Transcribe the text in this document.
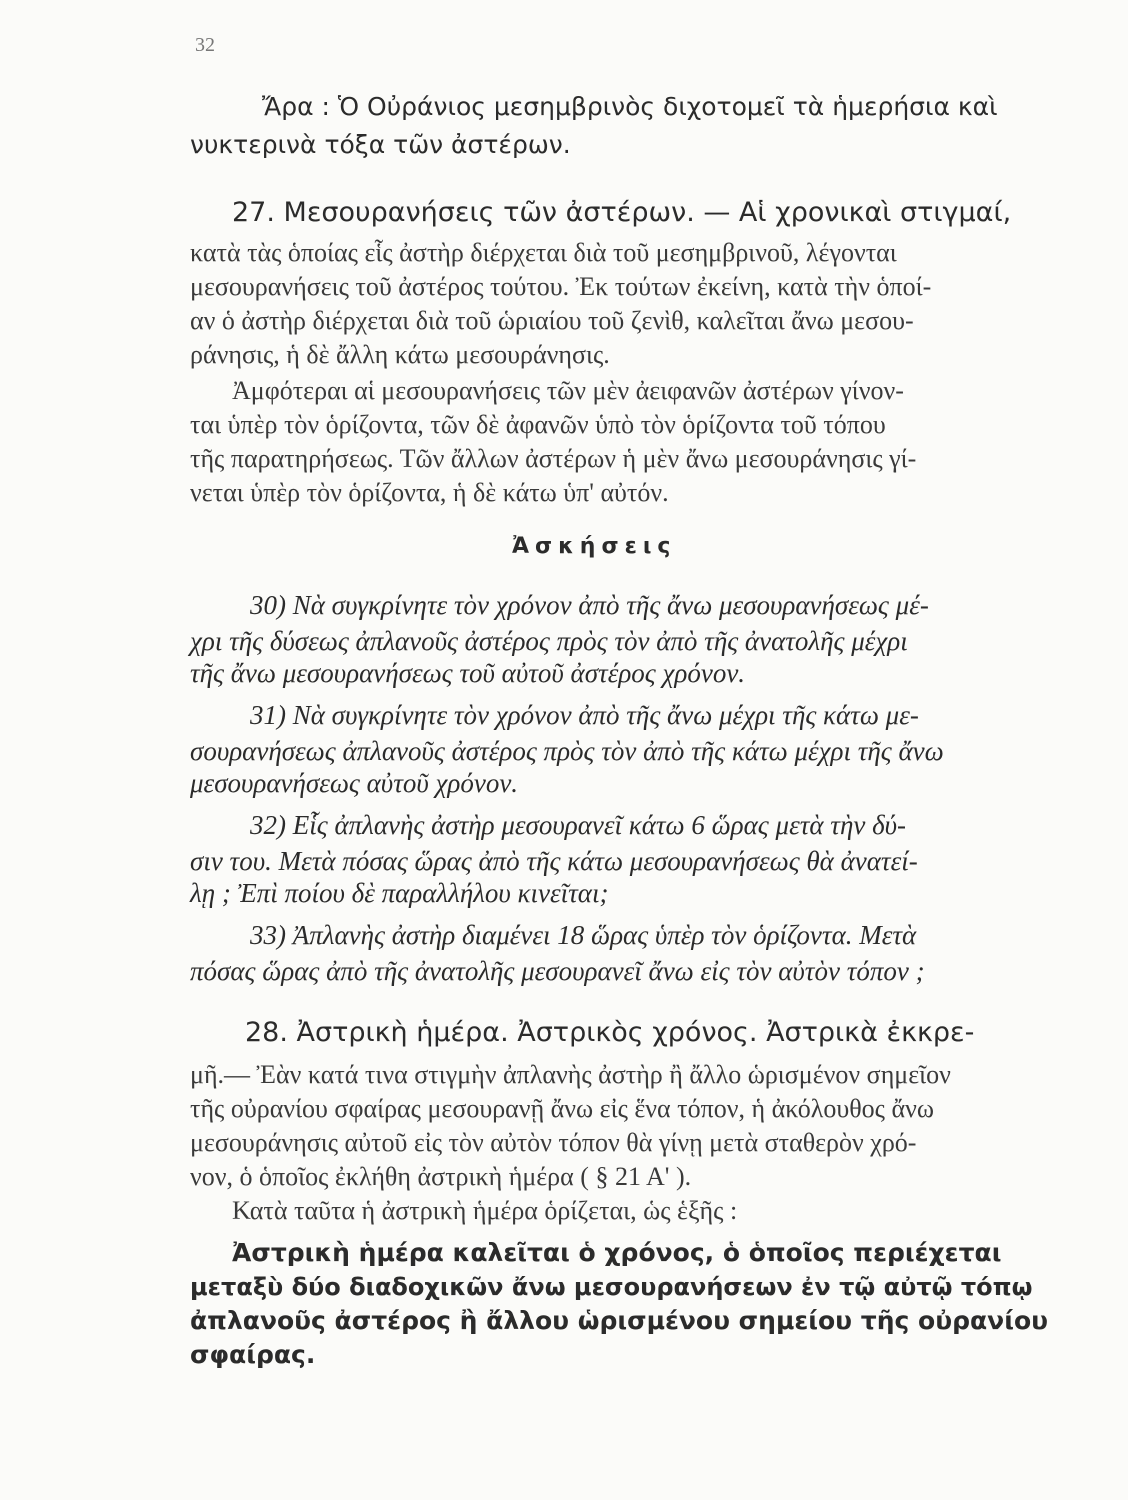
32
Ἄρα : Ὁ Οὐράνιος μεσημβρινὸς διχοτομεῖ τὰ ἡμερήσια καὶ
νυκτερινὰ τόξα τῶν ἀστέρων.
27. Μεσουρανήσεις τῶν ἀστέρων. — Αἱ χρονικαὶ στιγμαί,
κατὰ τὰς ὁποίας εἷς ἀστὴρ διέρχεται διὰ τοῦ μεσημβρινοῦ, λέγονται
μεσουρανήσεις τοῦ ἀστέρος τούτου. Ἐκ τούτων ἐκείνη, κατὰ τὴν ὁποί-
αν ὁ ἀστὴρ διέρχεται διὰ τοῦ ὡριαίου τοῦ ζενὶθ, καλεῖται ἄνω μεσου-
ράνησις, ἡ δὲ ἄλλη κάτω μεσουράνησις.
Ἀμφότεραι αἱ μεσουρανήσεις τῶν μὲν ἀειφανῶν ἀστέρων γίνον-
ται ὑπὲρ τὸν ὁρίζοντα, τῶν δὲ ἀφανῶν ὑπὸ τὸν ὁρίζοντα τοῦ τόπου
τῆς παρατηρήσεως. Τῶν ἄλλων ἀστέρων ἡ μὲν ἄνω μεσουράνησις γί-
νεται ὑπὲρ τὸν ὁρίζοντα, ἡ δὲ κάτω ὑπ' αὐτόν.
Ἀσκήσεις
30) Νὰ συγκρίνητε τὸν χρόνον ἀπὸ τῆς ἄνω μεσουρανήσεως μέ-
χρι τῆς δύσεως ἀπλανοῦς ἀστέρος πρὸς τὸν ἀπὸ τῆς ἀνατολῆς μέχρι
τῆς ἄνω μεσουρανήσεως τοῦ αὐτοῦ ἀστέρος χρόνον.
31) Νὰ συγκρίνητε τὸν χρόνον ἀπὸ τῆς ἄνω μέχρι τῆς κάτω με-
σουρανήσεως ἀπλανοῦς ἀστέρος πρὸς τὸν ἀπὸ τῆς κάτω μέχρι τῆς ἄνω
μεσουρανήσεως αὐτοῦ χρόνον.
32) Εἷς ἀπλανὴς ἀστὴρ μεσουρανεῖ κάτω 6 ὥρας μετὰ τὴν δύ-
σιν του. Μετὰ πόσας ὥρας ἀπὸ τῆς κάτω μεσουρανήσεως θὰ ἀνατεί-
λῃ ; Ἐπὶ ποίου δὲ παραλλήλου κινεῖται;
33) Ἀπλανὴς ἀστὴρ διαμένει 18 ὥρας ὑπὲρ τὸν ὁρίζοντα. Μετὰ
πόσας ὥρας ἀπὸ τῆς ἀνατολῆς μεσουρανεῖ ἄνω εἰς τὸν αὐτὸν τόπον ;
28. Ἀστρικὴ ἡμέρα. Ἀστρικὸς χρόνος. Ἀστρικὰ ἐκκρε-
μῆ.— Ἐὰν κατά τινα στιγμὴν ἀπλανὴς ἀστὴρ ἢ ἄλλο ὡρισμένον σημεῖον
τῆς οὐρανίου σφαίρας μεσουρανῇ ἄνω εἰς ἕνα τόπον, ἡ ἀκόλουθος ἄνω
μεσουράνησις αὐτοῦ εἰς τὸν αὐτὸν τόπον θὰ γίνῃ μετὰ σταθερὸν χρό-
νον, ὁ ὁποῖος ἐκλήθη ἀστρικὴ ἡμέρα ( § 21 Α' ).
Κατὰ ταῦτα ἡ ἀστρικὴ ἡμέρα ὁρίζεται, ὡς ἑξῆς :
Ἀστρικὴ ἡμέρα καλεῖται ὁ χρόνος, ὁ ὁποῖος περιέχεται
μεταξὺ δύο διαδοχικῶν ἄνω μεσουρανήσεων ἐν τῷ αὐτῷ τόπῳ
ἀπλανοῦς ἀστέρος ἢ ἄλλου ὡρισμένου σημείου τῆς οὐρανίου
σφαίρας.
